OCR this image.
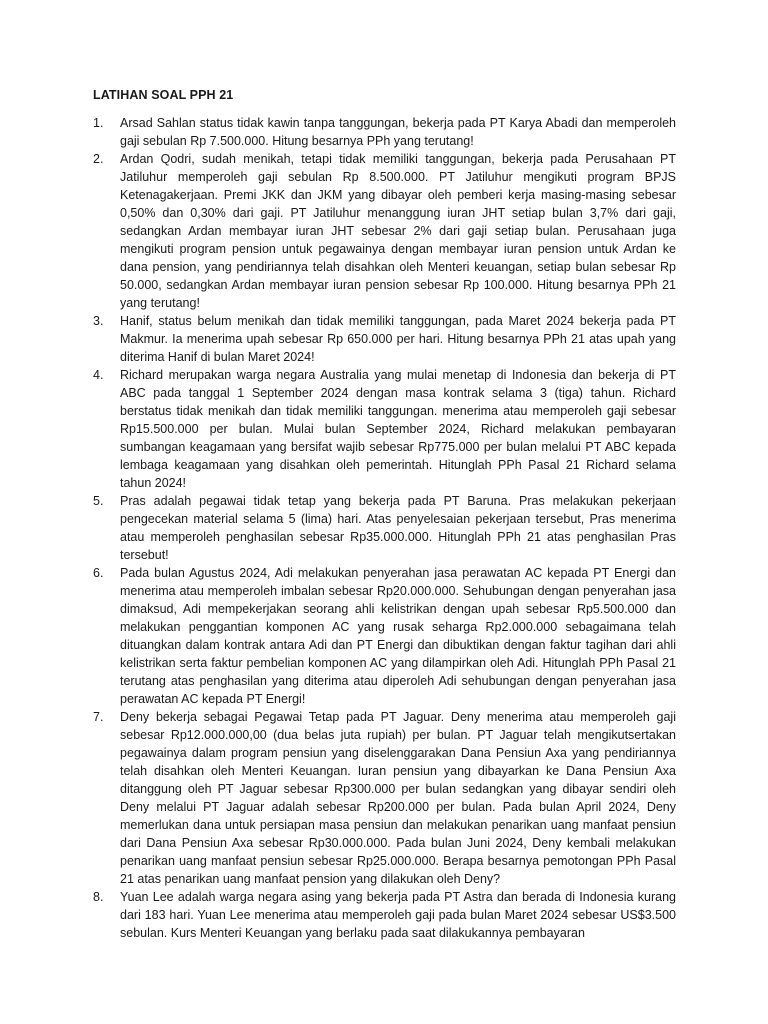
LATIHAN SOAL PPH 21
1.	Arsad Sahlan status tidak kawin tanpa tanggungan, bekerja pada PT Karya Abadi dan memperoleh gaji sebulan Rp 7.500.000. Hitung besarnya PPh yang terutang!

2.	Ardan Qodri, sudah menikah, tetapi tidak memiliki tanggungan, bekerja pada Perusahaan PT Jatiluhur memperoleh gaji sebulan Rp 8.500.000. PT Jatiluhur mengikuti program BPJS Ketenagakerjaan. Premi JKK dan JKM yang dibayar oleh pemberi kerja masing-masing sebesar 0,50% dan 0,30% dari gaji. PT Jatiluhur menanggung iuran JHT setiap bulan 3,7% dari gaji, sedangkan Ardan membayar iuran JHT sebesar 2% dari gaji setiap bulan. Perusahaan juga mengikuti program pension untuk pegawainya dengan membayar iuran pension untuk Ardan ke dana pension, yang pendiriannya telah disahkan oleh Menteri keuangan, setiap bulan sebesar Rp 50.000, sedangkan Ardan membayar iuran pension sebesar Rp 100.000. Hitung besarnya PPh 21 yang terutang!

3.	Hanif, status belum menikah dan tidak memiliki tanggungan, pada Maret 2024 bekerja pada PT Makmur. Ia menerima upah sebesar Rp 650.000 per hari. Hitung besarnya PPh 21 atas upah yang diterima Hanif di bulan Maret 2024!

4.	Richard merupakan warga negara Australia yang mulai menetap di Indonesia dan bekerja di PT ABC pada tanggal 1 September 2024 dengan masa kontrak selama 3 (tiga) tahun. Richard berstatus tidak menikah dan tidak memiliki tanggungan. menerima atau memperoleh gaji sebesar Rp15.500.000 per bulan. Mulai bulan September 2024, Richard melakukan pembayaran sumbangan keagamaan yang bersifat wajib sebesar Rp775.000 per bulan melalui PT ABC kepada lembaga keagamaan yang disahkan oleh pemerintah. Hitunglah PPh Pasal 21 Richard selama tahun 2024!

5.	Pras adalah pegawai tidak tetap yang bekerja pada PT Baruna. Pras melakukan pekerjaan pengecekan material selama 5 (lima) hari. Atas penyelesaian pekerjaan tersebut, Pras menerima atau memperoleh penghasilan sebesar Rp35.000.000. Hitunglah PPh 21 atas penghasilan Pras tersebut!

6.	Pada bulan Agustus 2024, Adi melakukan penyerahan jasa perawatan AC kepada PT Energi dan menerima atau memperoleh imbalan sebesar Rp20.000.000. Sehubungan dengan penyerahan jasa dimaksud, Adi mempekerjakan seorang ahli kelistrikan dengan upah sebesar Rp5.500.000 dan melakukan penggantian komponen AC yang rusak seharga Rp2.000.000 sebagaimana telah dituangkan dalam kontrak antara Adi dan PT Energi dan dibuktikan dengan faktur tagihan dari ahli kelistrikan serta faktur pembelian komponen AC yang dilampirkan oleh Adi. Hitunglah PPh Pasal 21 terutang atas penghasilan yang diterima atau diperoleh Adi sehubungan dengan penyerahan jasa perawatan AC kepada PT Energi!

7.	Deny bekerja sebagai Pegawai Tetap pada PT Jaguar. Deny menerima atau memperoleh gaji sebesar Rp12.000.000,00 (dua belas juta rupiah) per bulan. PT Jaguar telah mengikutsertakan pegawainya dalam program pensiun yang diselenggarakan Dana Pensiun Axa yang pendiriannya telah disahkan oleh Menteri Keuangan. Iuran pensiun yang dibayarkan ke Dana Pensiun Axa ditanggung oleh PT Jaguar sebesar Rp300.000 per bulan sedangkan yang dibayar sendiri oleh Deny melalui PT Jaguar adalah sebesar Rp200.000 per bulan. Pada bulan April 2024, Deny memerlukan dana untuk persiapan masa pensiun dan melakukan penarikan uang manfaat pensiun dari Dana Pensiun Axa sebesar Rp30.000.000. Pada bulan Juni 2024, Deny kembali melakukan penarikan uang manfaat pensiun sebesar Rp25.000.000. Berapa besarnya pemotongan PPh Pasal 21 atas penarikan uang manfaat pension yang dilakukan oleh Deny?

8.	Yuan Lee adalah warga negara asing yang bekerja pada PT Astra dan berada di Indonesia kurang dari 183 hari. Yuan Lee menerima atau memperoleh gaji pada bulan Maret 2024 sebesar US$3.500 sebulan. Kurs Menteri Keuangan yang berlaku pada saat dilakukannya pembayaran
